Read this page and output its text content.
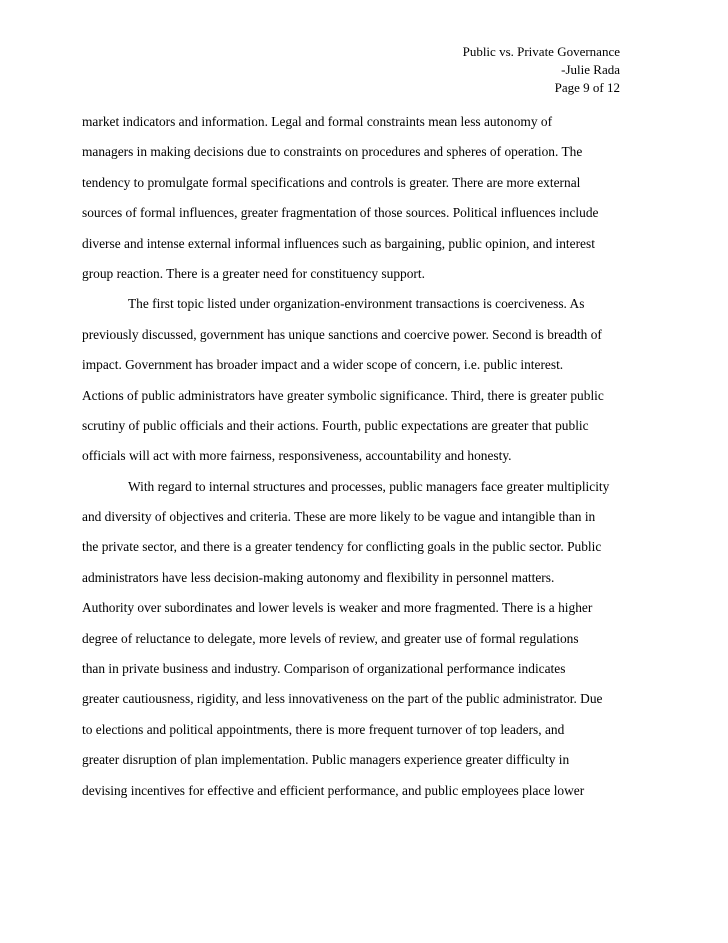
Public vs. Private Governance
-Julie Rada
Page 9 of 12
market indicators and information. Legal and formal constraints mean less autonomy of
managers in making decisions due to constraints on procedures and spheres of operation. The
tendency to promulgate formal specifications and controls is greater. There are more external
sources of formal influences, greater fragmentation of those sources. Political influences include
diverse and intense external informal influences such as bargaining, public opinion, and interest
group reaction. There is a greater need for constituency support.
The first topic listed under organization-environment transactions is coerciveness. As
previously discussed, government has unique sanctions and coercive power. Second is breadth of
impact. Government has broader impact and a wider scope of concern, i.e. public interest.
Actions of public administrators have greater symbolic significance. Third, there is greater public
scrutiny of public officials and their actions. Fourth, public expectations are greater that public
officials will act with more fairness, responsiveness, accountability and honesty.
With regard to internal structures and processes, public managers face greater multiplicity
and diversity of objectives and criteria. These are more likely to be vague and intangible than in
the private sector, and there is a greater tendency for conflicting goals in the public sector. Public
administrators have less decision-making autonomy and flexibility in personnel matters.
Authority over subordinates and lower levels is weaker and more fragmented. There is a higher
degree of reluctance to delegate, more levels of review, and greater use of formal regulations
than in private business and industry. Comparison of organizational performance indicates
greater cautiousness, rigidity, and less innovativeness on the part of the public administrator. Due
to elections and political appointments, there is more frequent turnover of top leaders, and
greater disruption of plan implementation. Public managers experience greater difficulty in
devising incentives for effective and efficient performance, and public employees place lower
